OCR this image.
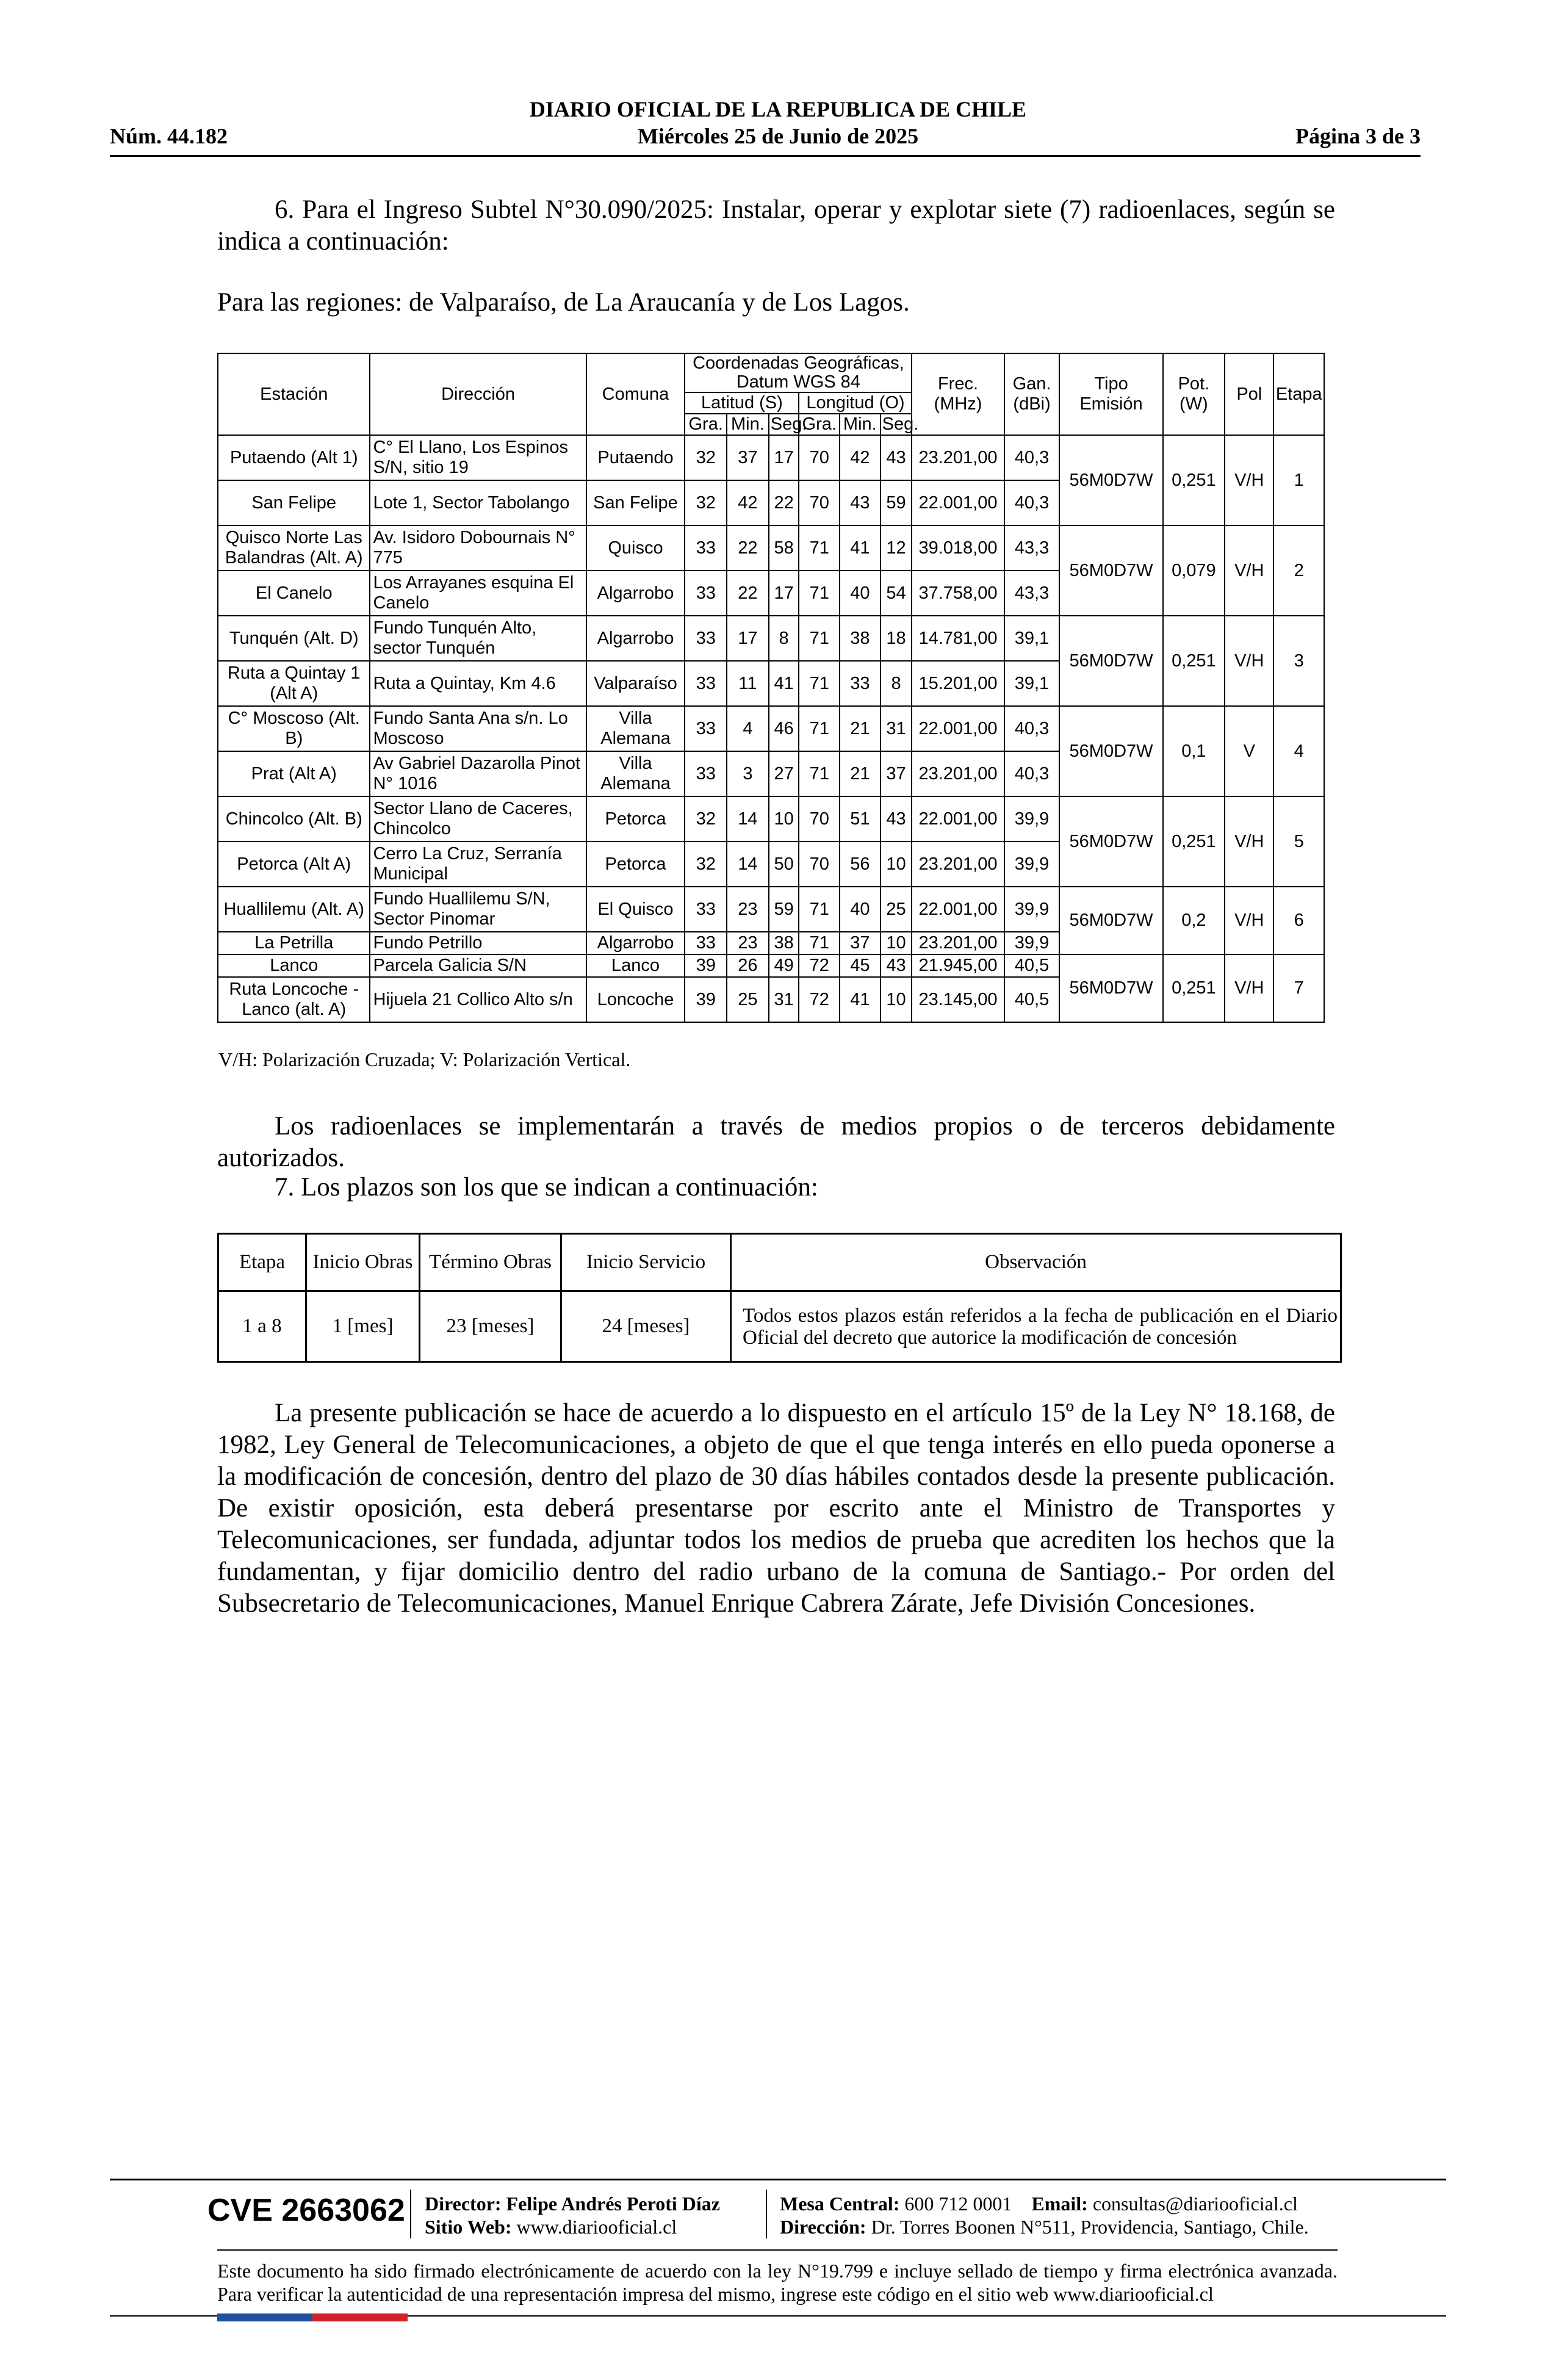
DIARIO OFICIAL DE LA REPUBLICA DE CHILE
Miércoles 25 de Junio de 2025
Núm. 44.182	Página 3 de 3
6. Para el Ingreso Subtel N°30.090/2025: Instalar, operar y explotar siete (7) radioenlaces, según se indica a continuación:
Para las regiones: de Valparaíso, de La Araucanía y de Los Lagos.
Estación	Dirección	Comuna	Coordenadas Geográficas, Datum WGS 84						Frec. (MHz)	Gan. (dBi)	Tipo Emisión	Pot. (W)	Pol	Etapa
			Latitud (S)			Longitud (O)								
			Gra.	Min.	Seg.	Gra.	Min.	Seg.						
Putaendo (Alt 1)	C° El Llano, Los Espinos S/N, sitio 19	Putaendo	32	37	17	70	42	43	23.201,00	40,3	56M0D7W	0,251	V/H	1
San Felipe	Lote 1, Sector Tabolango	San Felipe	32	42	22	70	43	59	22.001,00	40,3				
Quisco Norte Las Balandras (Alt. A)	Av. Isidoro Dobournais N° 775	Quisco	33	22	58	71	41	12	39.018,00	43,3	56M0D7W	0,079	V/H	2
El Canelo	Los Arrayanes esquina El Canelo	Algarrobo	33	22	17	71	40	54	37.758,00	43,3				
Tunquén (Alt. D)	Fundo Tunquén Alto, sector Tunquén	Algarrobo	33	17	8	71	38	18	14.781,00	39,1	56M0D7W	0,251	V/H	3
Ruta a Quintay 1 (Alt A)	Ruta a Quintay, Km 4.6	Valparaíso	33	11	41	71	33	8	15.201,00	39,1				
C° Moscoso (Alt. B)	Fundo Santa Ana s/n. Lo Moscoso	Villa Alemana	33	4	46	71	21	31	22.001,00	40,3	56M0D7W	0,1	V	4
Prat (Alt A)	Av Gabriel Dazarolla Pinot N° 1016	Villa Alemana	33	3	27	71	21	37	23.201,00	40,3				
Chincolco (Alt. B)	Sector Llano de Caceres, Chincolco	Petorca	32	14	10	70	51	43	22.001,00	39,9	56M0D7W	0,251	V/H	5
Petorca (Alt A)	Cerro La Cruz, Serranía Municipal	Petorca	32	14	50	70	56	10	23.201,00	39,9				
Huallilemu (Alt. A)	Fundo Huallilemu S/N, Sector Pinomar	El Quisco	33	23	59	71	40	25	22.001,00	39,9	56M0D7W	0,2	V/H	6
La Petrilla	Fundo Petrillo	Algarrobo	33	23	38	71	37	10	23.201,00	39,9				
Lanco	Parcela Galicia S/N	Lanco	39	26	49	72	45	43	21.945,00	40,5	56M0D7W	0,251	V/H	7
Ruta Loncoche - Lanco (alt. A)	Hijuela 21 Collico Alto s/n	Loncoche	39	25	31	72	41	10	23.145,00	40,5				
V/H: Polarización Cruzada; V: Polarización Vertical.
Los radioenlaces se implementarán a través de medios propios o de terceros debidamente autorizados.
7. Los plazos son los que se indican a continuación:
Etapa	Inicio Obras	Término Obras	Inicio Servicio	Observación
1 a 8	1 [mes]	23 [meses]	24 [meses]	Todos estos plazos están referidos a la fecha de publicación en el Diario Oficial del decreto que autorice la modificación de concesión
La presente publicación se hace de acuerdo a lo dispuesto en el artículo 15º de la Ley N° 18.168, de 1982, Ley General de Telecomunicaciones, a objeto de que el que tenga interés en ello pueda oponerse a la modificación de concesión, dentro del plazo de 30 días hábiles contados desde la presente publicación. De existir oposición, esta deberá presentarse por escrito ante el Ministro de Transportes y Telecomunicaciones, ser fundada, adjuntar todos los medios de prueba que acrediten los hechos que la fundamentan, y fijar domicilio dentro del radio urbano de la comuna de Santiago.- Por orden del Subsecretario de Telecomunicaciones, Manuel Enrique Cabrera Zárate, Jefe División Concesiones.
CVE 2663062 Director: Felipe Andrés Peroti Díaz
Sitio Web: www.diariooficial.cl
Mesa Central: 600 712 0001 Email: consultas@diariooficial.cl
Dirección: Dr. Torres Boonen N°511, Providencia, Santiago, Chile.
Este documento ha sido firmado electrónicamente de acuerdo con la ley N°19.799 e incluye sellado de tiempo y firma electrónica avanzada. Para verificar la autenticidad de una representación impresa del mismo, ingrese este código en el sitio web www.diariooficial.cl
